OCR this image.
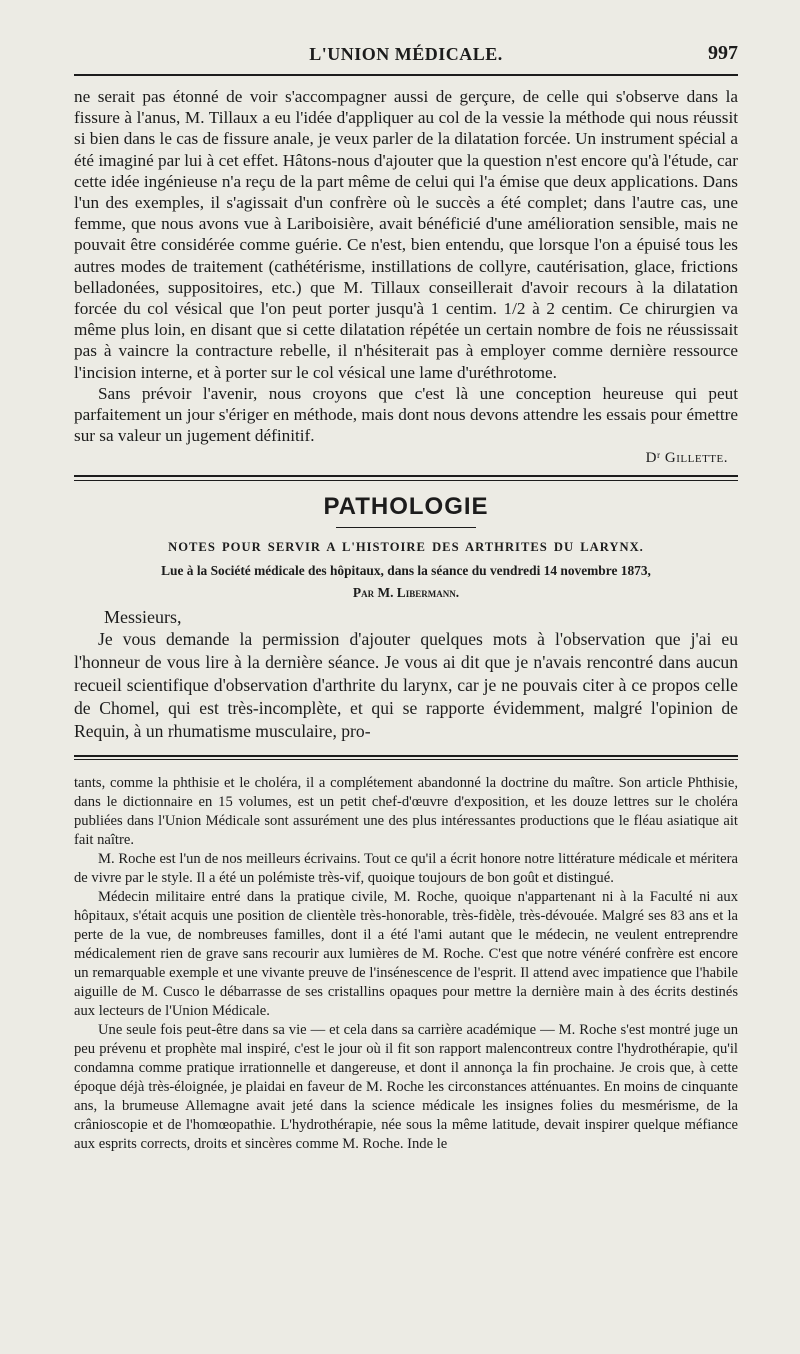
L'UNION MÉDICALE.	997

ne serait pas étonné de voir s'accompagner aussi de gerçure, de celle qui s'observe dans la fissure à l'anus, M. Tillaux a eu l'idée d'appliquer au col de la vessie la méthode qui nous réussit si bien dans le cas de fissure anale, je veux parler de la dilatation forcée. Un instrument spécial a été imaginé par lui à cet effet. Hâtons-nous d'ajouter que la question n'est encore qu'à l'étude, car cette idée ingénieuse n'a reçu de la part même de celui qui l'a émise que deux applications. Dans l'un des exemples, il s'agissait d'un confrère où le succès a été complet; dans l'autre cas, une femme, que nous avons vue à Lariboisière, avait bénéficié d'une amélioration sensible, mais ne pouvait être considérée comme guérie. Ce n'est, bien entendu, que lorsque l'on a épuisé tous les autres modes de traitement (cathétérisme, instillations de collyre, cautérisation, glace, frictions belladonées, suppositoires, etc.) que M. Tillaux conseillerait d'avoir recours à la dilatation forcée du col vésical que l'on peut porter jusqu'à 1 centim. 1/2 à 2 centim. Ce chirurgien va même plus loin, en disant que si cette dilatation répétée un certain nombre de fois ne réussissait pas à vaincre la contracture rebelle, il n'hésiterait pas à employer comme dernière ressource l'incision interne, et à porter sur le col vésical une lame d'uréthrotome.

Sans prévoir l'avenir, nous croyons que c'est là une conception heureuse qui peut parfaitement un jour s'ériger en méthode, mais dont nous devons attendre les essais pour émettre sur sa valeur un jugement définitif.

Dʳ Gillette.
PATHOLOGIE
NOTES POUR SERVIR A L'HISTOIRE DES ARTHRITES DU LARYNX.
Lue à la Société médicale des hôpitaux, dans la séance du vendredi 14 novembre 1873,
Par M. Libermann.
Messieurs,

Je vous demande la permission d'ajouter quelques mots à l'observation que j'ai eu l'honneur de vous lire à la dernière séance. Je vous ai dit que je n'avais rencontré dans aucun recueil scientifique d'observation d'arthrite du larynx, car je ne pouvais citer à ce propos celle de Chomel, qui est très-incomplète, et qui se rapporte évidemment, malgré l'opinion de Requin, à un rhumatisme musculaire, pro-

tants, comme la phthisie et le choléra, il a complétement abandonné la doctrine du maître. Son article Phthisie, dans le dictionnaire en 15 volumes, est un petit chef-d'œuvre d'exposition, et les douze lettres sur le choléra publiées dans l'Union Médicale sont assurément une des plus intéressantes productions que le fléau asiatique ait fait naître.

M. Roche est l'un de nos meilleurs écrivains. Tout ce qu'il a écrit honore notre littérature médicale et méritera de vivre par le style. Il a été un polémiste très-vif, quoique toujours de bon goût et distingué.

Médecin militaire entré dans la pratique civile, M. Roche, quoique n'appartenant ni à la Faculté ni aux hôpitaux, s'était acquis une position de clientèle très-honorable, très-fidèle, très-dévouée. Malgré ses 83 ans et la perte de la vue, de nombreuses familles, dont il a été l'ami autant que le médecin, ne veulent entreprendre médicalement rien de grave sans recourir aux lumières de M. Roche. C'est que notre vénéré confrère est encore un remarquable exemple et une vivante preuve de l'insénescence de l'esprit. Il attend avec impatience que l'habile aiguille de M. Cusco le débarrasse de ses cristallins opaques pour mettre la dernière main à des écrits destinés aux lecteurs de l'Union Médicale.

Une seule fois peut-être dans sa vie — et cela dans sa carrière académique — M. Roche s'est montré juge un peu prévenu et prophète mal inspiré, c'est le jour où il fit son rapport malencontreux contre l'hydrothérapie, qu'il condamna comme pratique irrationnelle et dangereuse, et dont il annonça la fin prochaine. Je crois que, à cette époque déjà très-éloignée, je plaidai en faveur de M. Roche les circonstances atténuantes. En moins de cinquante ans, la brumeuse Allemagne avait jeté dans la science médicale les insignes folies du mesmérisme, de la crânioscopie et de l'homœopathie. L'hydrothérapie, née sous la même latitude, devait inspirer quelque méfiance aux esprits corrects, droits et sincères comme M. Roche. Inde le
